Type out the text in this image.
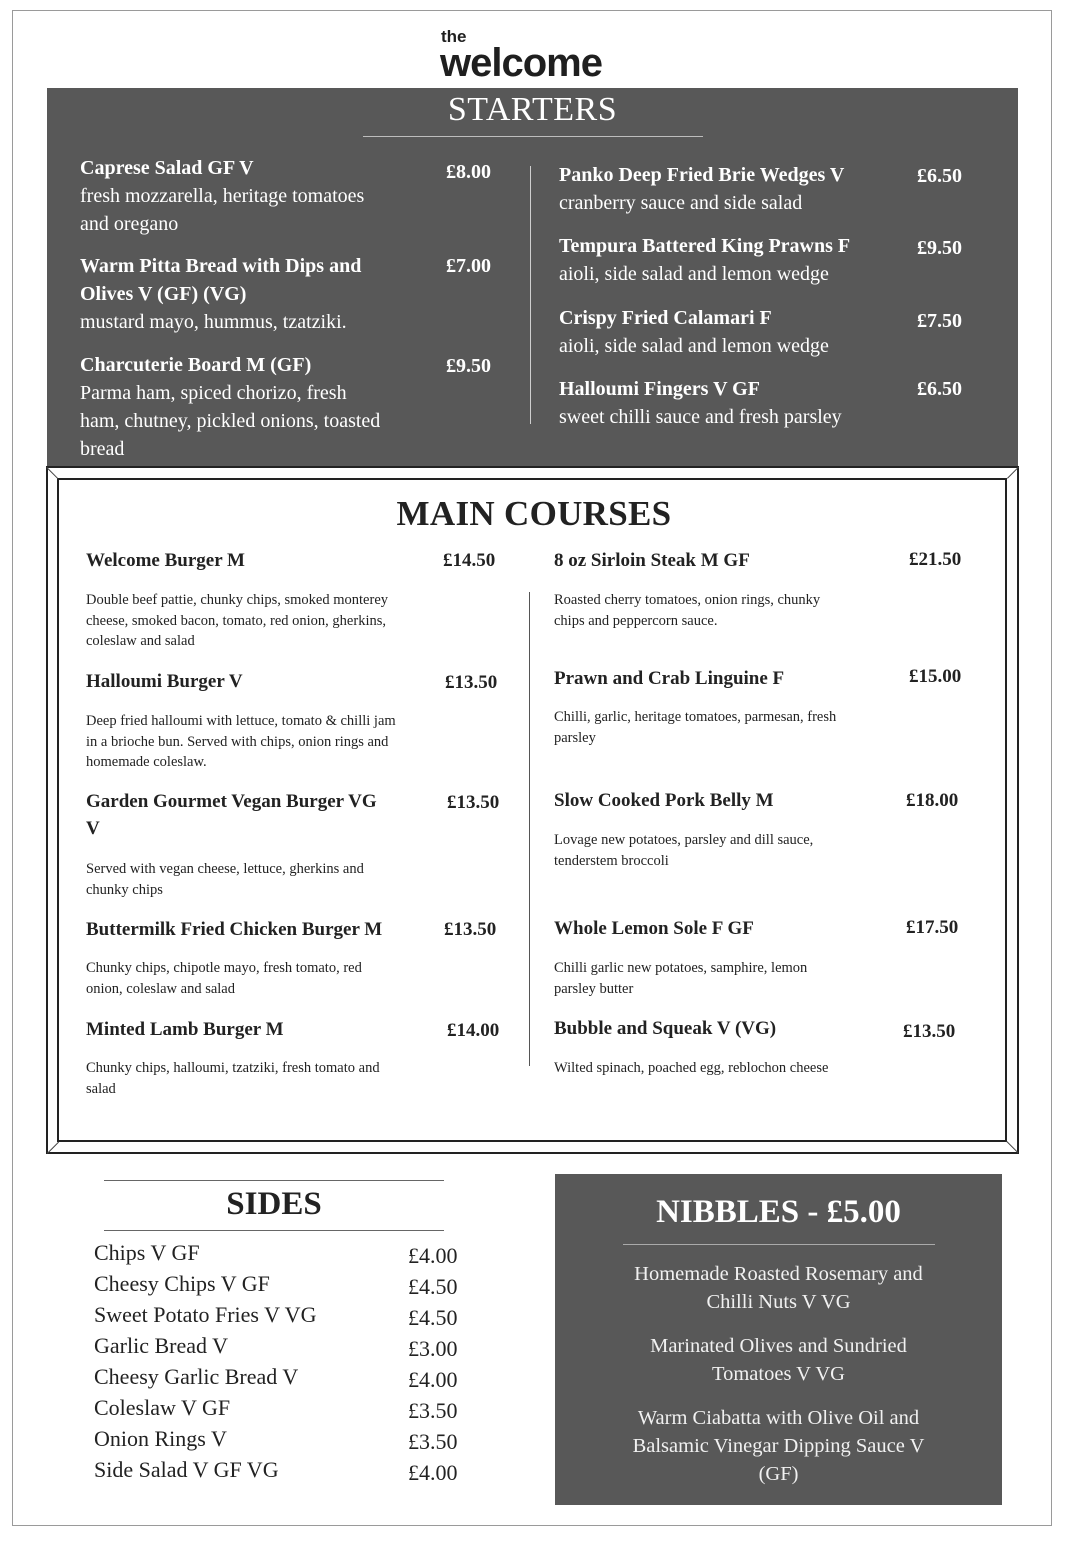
the
welcome
STARTERS
Caprese Salad GF V
fresh mozzarella, heritage tomatoes
and oregano
£8.00
Warm Pitta Bread with Dips and
Olives V (GF) (VG)
mustard mayo, hummus, tzatziki.
£7.00
Charcuterie Board M (GF)
Parma ham, spiced chorizo, fresh
ham, chutney, pickled onions, toasted
bread
£9.50
Panko Deep Fried Brie Wedges V
cranberry sauce and side salad
£6.50
Tempura Battered King Prawns F
aioli, side salad and lemon wedge
£9.50
Crispy Fried Calamari F
aioli, side salad and lemon wedge
£7.50
Halloumi Fingers V GF
sweet chilli sauce and fresh parsley
£6.50
MAIN COURSES
Welcome Burger M	£14.50
Double beef pattie, chunky chips, smoked monterey
cheese, smoked bacon, tomato, red onion, gherkins,
coleslaw and salad
Halloumi Burger V	£13.50
Deep fried halloumi with lettuce, tomato & chilli jam
in a brioche bun. Served with chips, onion rings and
homemade coleslaw.
Garden Gourmet Vegan Burger VG
V
£13.50
Served with vegan cheese, lettuce, gherkins and
chunky chips
Buttermilk Fried Chicken Burger M	£13.50
Chunky chips, chipotle mayo, fresh tomato, red
onion, coleslaw and salad
Minted Lamb Burger M	£14.00
Chunky chips, halloumi, tzatziki, fresh tomato and
salad
8 oz Sirloin Steak M GF	£21.50
Roasted cherry tomatoes, onion rings, chunky
chips and peppercorn sauce.
Prawn and Crab Linguine F	£15.00
Chilli, garlic, heritage tomatoes, parmesan, fresh
parsley
Slow Cooked Pork Belly M	£18.00
Lovage new potatoes, parsley and dill sauce,
tenderstem broccoli
Whole Lemon Sole F GF	£17.50
Chilli garlic new potatoes, samphire, lemon
parsley butter
Bubble and Squeak V (VG)	£13.50
Wilted spinach, poached egg, reblochon cheese
SIDES
Chips V GF	£4.00
Cheesy Chips V GF	£4.50
Sweet Potato Fries V VG	£4.50
Garlic Bread V	£3.00
Cheesy Garlic Bread V	£4.00
Coleslaw V GF	£3.50
Onion Rings V	£3.50
Side Salad V GF VG	£4.00
NIBBLES - £5.00
Homemade Roasted Rosemary and
Chilli Nuts V VG
Marinated Olives and Sundried
Tomatoes V VG
Warm Ciabatta with Olive Oil and
Balsamic Vinegar Dipping Sauce V
(GF)
